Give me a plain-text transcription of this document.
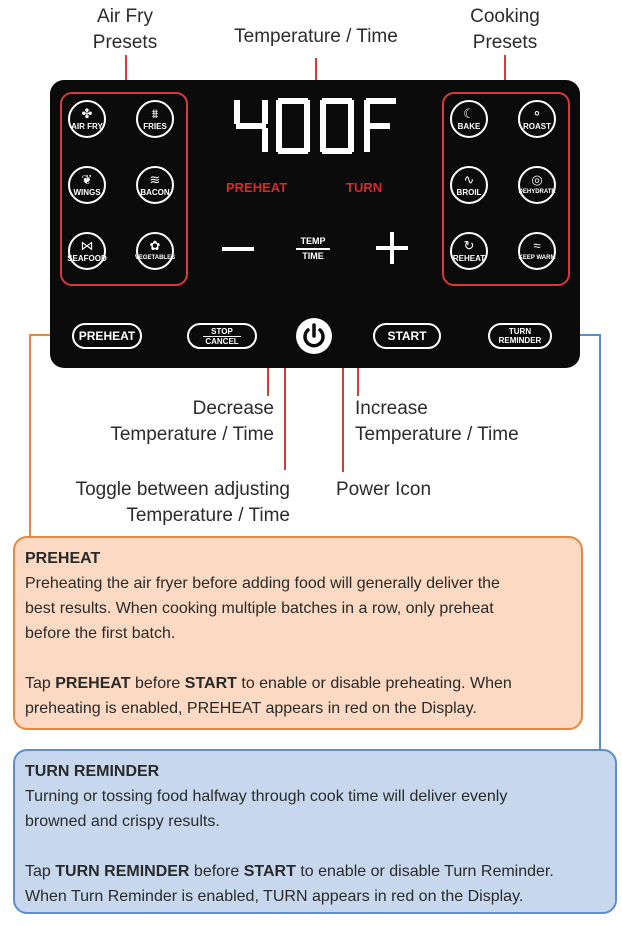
Air Fry
Presets	Temperature / Time
Cooking
Presets
PREHEAT	TURN
TEMP
TIME
PREHEAT	STOP
CANCEL	START	TURN
REMINDER
✤
AIR FRY
⩩
FRIES
❦
WINGS
≋
BACON
⋈
SEAFOOD
✿
VEGETABLES
☾
BAKE
⚬
ROAST
∿
BROIL
◎
DEHYDRATE
↻
REHEAT
≈
KEEP WARM
Decrease
Temperature / Time
Increase
Temperature / Time
Toggle between adjusting
Temperature / Time
Power Icon
PREHEAT
Preheating the air fryer before adding food will generally deliver the
best results. When cooking multiple batches in a row, only preheat
before the first batch.
Tap PREHEAT before START to enable or disable preheating. When
preheating is enabled, PREHEAT appears in red on the Display.
TURN REMINDER
Turning or tossing food halfway through cook time will deliver evenly
browned and crispy results.
Tap TURN REMINDER before START to enable or disable Turn Reminder.
When Turn Reminder is enabled, TURN appears in red on the Display.
